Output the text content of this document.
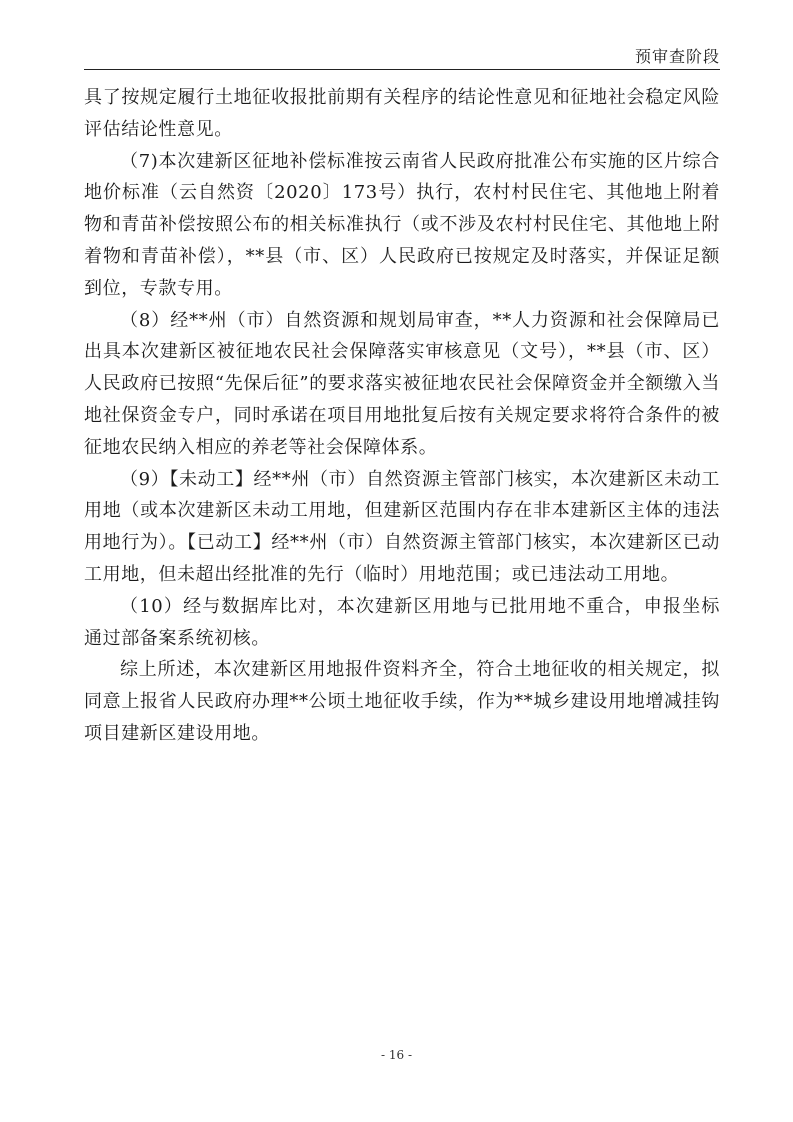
预审查阶段

具了按规定履行土地征收报批前期有关程序的结论性意见和征地社会稳定风险评估结论性意见。

（7)本次建新区征地补偿标准按云南省人民政府批准公布实施的区片综合地价标准（云自然资〔2020〕173号）执行，农村村民住宅、其他地上附着物和青苗补偿按照公布的相关标准执行（或不涉及农村村民住宅、其他地上附着物和青苗补偿），**县（市、区）人民政府已按规定及时落实，并保证足额到位，专款专用。

（8）经**州（市）自然资源和规划局审查，**人力资源和社会保障局已出具本次建新区被征地农民社会保障落实审核意见（文号），**县（市、区）人民政府已按照“先保后征”的要求落实被征地农民社会保障资金并全额缴入当地社保资金专户，同时承诺在项目用地批复后按有关规定要求将符合条件的被征地农民纳入相应的养老等社会保障体系。

（9）【未动工】经**州（市）自然资源主管部门核实，本次建新区未动工用地（或本次建新区未动工用地，但建新区范围内存在非本建新区主体的违法用地行为）。【已动工】经**州（市）自然资源主管部门核实，本次建新区已动工用地，但未超出经批准的先行（临时）用地范围；或已违法动工用地。

（10）经与数据库比对，本次建新区用地与已批用地不重合，申报坐标通过部备案系统初核。

综上所述，本次建新区用地报件资料齐全，符合土地征收的相关规定，拟同意上报省人民政府办理**公顷土地征收手续，作为**城乡建设用地增减挂钩项目建新区建设用地。

- 16 -
